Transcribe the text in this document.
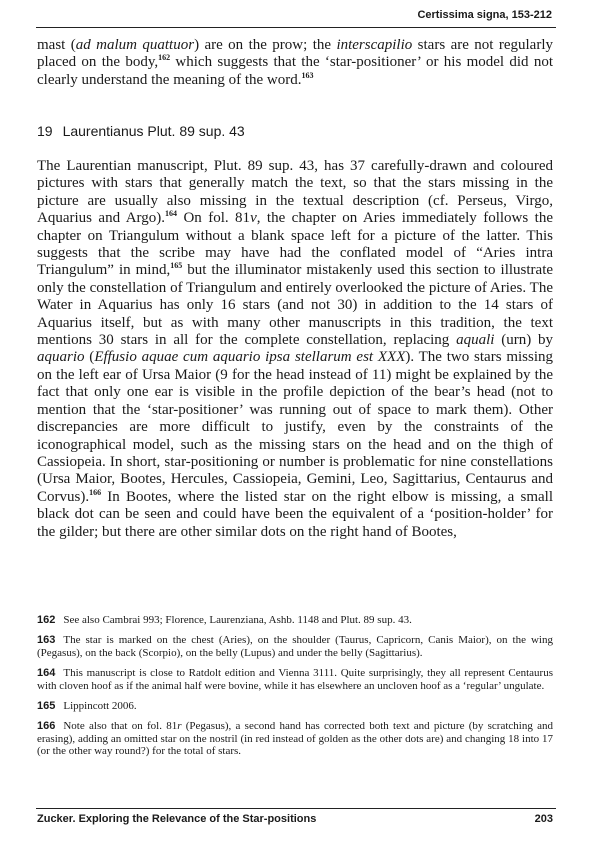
Certissima signa, 153-212

mast (ad malum quattuor) are on the prow; the interscapilio stars are not regularly placed on the body,$^{162}$ which suggests that the ‘star-positioner’ or his model did not clearly understand the meaning of the word.$^{163}$

19 Laurentianus Plut. 89 sup. 43

The Laurentian manuscript, Plut. 89 sup. 43, has 37 carefully-drawn and coloured pictures with stars that generally match the text, so that the stars missing in the picture are usually also missing in the textual description (cf. Perseus, Virgo, Aquarius and Argo).$^{164}$ On fol. 81v, the chapter on Aries immediately follows the chapter on Triangulum without a blank space left for a picture of the latter. This suggests that the scribe may have had the conflated model of “Aries intra Triangulum” in mind,$^{165}$ but the illuminator mistakenly used this section to illustrate only the constellation of Triangulum and entirely overlooked the picture of Aries. The Water in Aquarius has only 16 stars (and not 30) in addition to the 14 stars of Aquarius itself, but as with many other manuscripts in this tradition, the text mentions 30 stars in all for the complete constellation, replacing aquali (urn) by aquario (Effusio aquae cum aquario ipsa stellarum est XXX). The two stars missing on the left ear of Ursa Maior (9 for the head instead of 11) might be explained by the fact that only one ear is visible in the profile depiction of the bear’s head (not to mention that the ‘star-positioner’ was running out of space to mark them). Other discrepancies are more difficult to justify, even by the constraints of the iconographical model, such as the missing stars on the head and on the thigh of Cassiopeia. In short, star-positioning or number is problematic for nine constellations (Ursa Maior, Bootes, Hercules, Cassiopeia, Gemini, Leo, Sagittarius, Centaurus and Corvus).$^{166}$ In Bootes, where the listed star on the right elbow is missing, a small black dot can be seen and could have been the equivalent of a ‘position-holder’ for the gilder; but there are other similar dots on the right hand of Bootes,

162 See also Cambrai 993; Florence, Laurenziana, Ashb. 1148 and Plut. 89 sup. 43.

163 The star is marked on the chest (Aries), on the shoulder (Taurus, Capricorn, Canis Maior), on the wing (Pegasus), on the back (Scorpio), on the belly (Lupus) and under the belly (Sagittarius).

164 This manuscript is close to Ratdolt edition and Vienna 3111. Quite surprisingly, they all represent Centaurus with cloven hoof as if the animal half were bovine, while it has elsewhere an uncloven hoof as a ‘regular’ ungulate.

165 Lippincott 2006.

166 Note also that on fol. 81r (Pegasus), a second hand has corrected both text and picture (by scratching and erasing), adding an omitted star on the nostril (in red instead of golden as the other dots are) and changing 18 into 17 (or the other way round?) for the total of stars.

Zucker. Exploring the Relevance of the Star-positions	203
